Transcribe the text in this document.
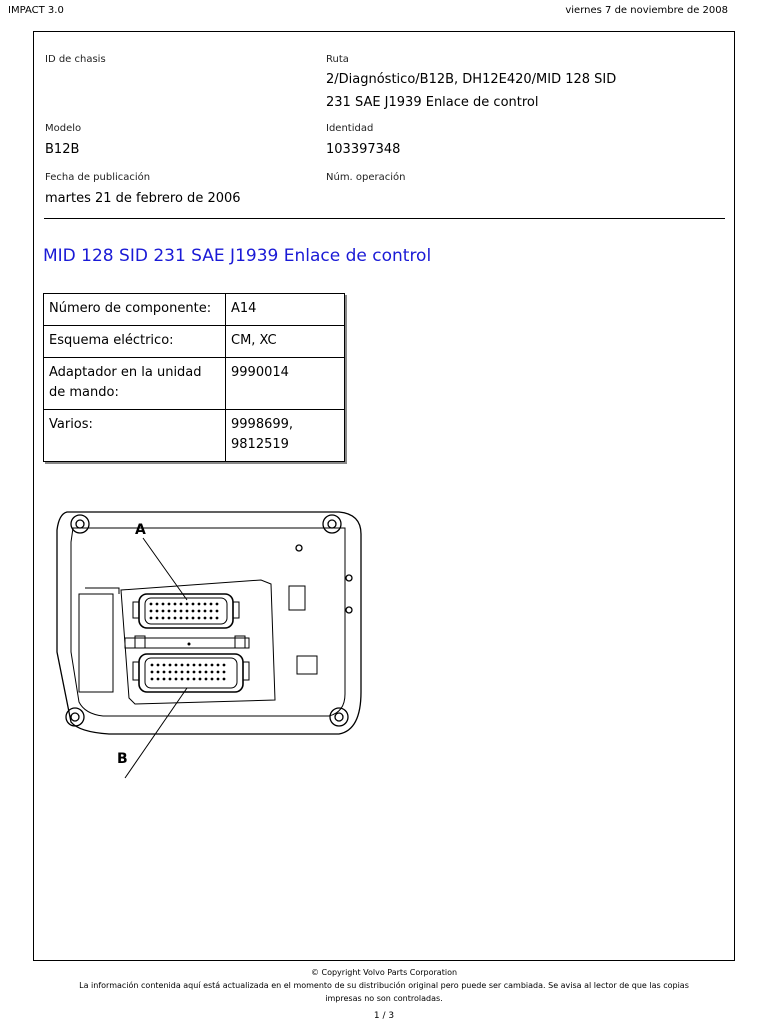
IMPACT 3.0	viernes 7 de noviembre de 2008
ID de chasis	Ruta
2/Diagnóstico/B12B, DH12E420/MID 128 SID
231 SAE J1939 Enlace de control
Modelo
B12B
Identidad
103397348
Fecha de publicación
martes 21 de febrero de 2006
Núm. operación
MID 128 SID 231 SAE J1939 Enlace de control
Número de componente:	A14
Esquema eléctrico:	CM, XC

Adaptador en la unidad
de mando:	9990014
Varios:	9998699,
9812519
A
B
© Copyright Volvo Parts Corporation
La información contenida aquí está actualizada en el momento de su distribución original pero puede ser cambiada. Se avisa al lector de que las copias
impresas no son controladas.
1 / 3
